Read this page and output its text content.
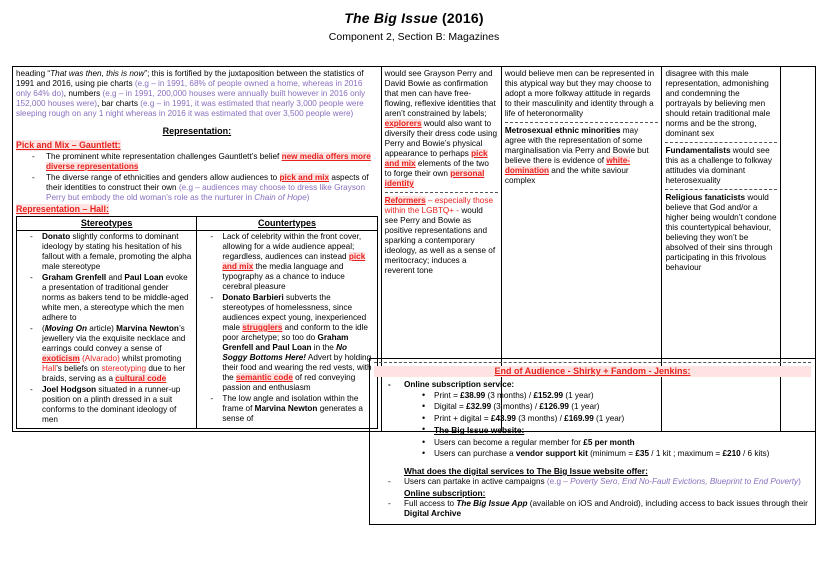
The Big Issue (2016)
Component 2, Section B: Magazines

heading “That was then, this is now”; this is fortified by the juxtaposition between the statistics of 1991 and 2016, using pie charts (e.g – in 1991, 68% of people owned a home, whereas in 2016 only 64% do), numbers (e.g – in 1991, 200,000 houses were annually built however in 2016 only 152,000 houses were), bar charts (e.g – in 1991, it was estimated that nearly 3,000 people were sleeping rough on any 1 night whereas in 2016 it was estimated that over 3,500 people were)

Representation:
Pick and Mix – Gauntlett:
- The prominent white representation challenges Gauntlett’s belief new media offers more diverse representations
- The diverse range of ethnicities and genders allow audiences to pick and mix aspects of their identities to construct their own (e.g – audiences may choose to dress like Grayson Perry but embody the old woman’s role as the nurturer in Chain of Hope)
Representation – Hall:
Stereotypes	Countertypes

- Donato slightly conforms to dominant ideology by stating his hesitation of his fallout with a female, promoting the alpha male stereotype
- Graham Grenfell and Paul Loan evoke a presentation of traditional gender norms as bakers tend to be middle-aged white men, a stereotype which the men adhere to
- (Moving On article) Marvina Newton’s jewellery via the exquisite necklace and earrings could convey a sense of exoticism (Alvarado) whilst promoting Hall’s beliefs on stereotyping due to her braids, serving as a cultural code
- Joel Hodgson situated in a runner-up position on a plinth dressed in a suit conforms to the dominant ideology of men

- Lack of celebrity within the front cover, allowing for a wide audience appeal; regardless, audiences can instead pick and mix the media language and typography as a chance to induce cerebral pleasure
- Donato Barbieri subverts the stereotypes of homelessness, since audiences expect young, inexperienced male strugglers and conform to the idle poor archetype; so too do Graham Grenfell and Paul Loan in the No Soggy Bottoms Here! Advert by holding their food and wearing the red vests, with the semantic code of red conveying passion and enthusiasm
- The low angle and isolation within the frame of Marvina Newton generates a sense of

would see Grayson Perry and David Bowie as confirmation that men can have free-flowing, reflexive identities that aren’t constrained by labels; explorers would also want to diversify their dress code using Perry and Bowie’s physical appearance to perhaps pick and mix elements of the two to forge their own personal identity

Reformers – especially those within the LGBTQ+ - would see Perry and Bowie as positive representations and sparking a contemporary ideology, as well as a sense of meritocracy; induces a reverent tone

would believe men can be represented in this atypical way but they may choose to adopt a more folkway attitude in regards to their masculinity and identity through a life of heteronormality

Metrosexual ethnic minorities may agree with the representation of some marginalisation via Perry and Bowie but believe there is evidence of white-domination and the white saviour complex

disagree with this male representation, admonishing and condemning the portrayals by believing men should retain traditional male norms and be the strong, dominant sex

Fundamentalists would see this as a challenge to folkway attitudes via dominant heterosexuality

Religious fanaticists would believe that God and/or a higher being wouldn’t condone this countertypical behaviour, believing they won’t be absolved of their sins through participating in this frivolous behaviour

End of Audience - Shirky + Fandom - Jenkins:
- Online subscription service:
• Print = £38.99 (3 months) / £152.99 (1 year)
• Digital = £32.99 (3 months) / £126.99 (1 year)
• Print + digital = £43.99 (3 months) / £169.99 (1 year)
• The Big Issue website:
• Users can become a regular member for £5 per month
• Users can purchase a vendor support kit (minimum = £35 / 1 kit ; maximum = £210 / 6 kits)
What does the digital services to The Big Issue website offer:
- Users can partake in active campaigns (e.g – Poverty Sero, End No-Fault Evictions, Blueprint to End Poverty)
Online subscription:
- Full access to The Big Issue App (available on iOS and Android), including access to back issues through their Digital Archive
